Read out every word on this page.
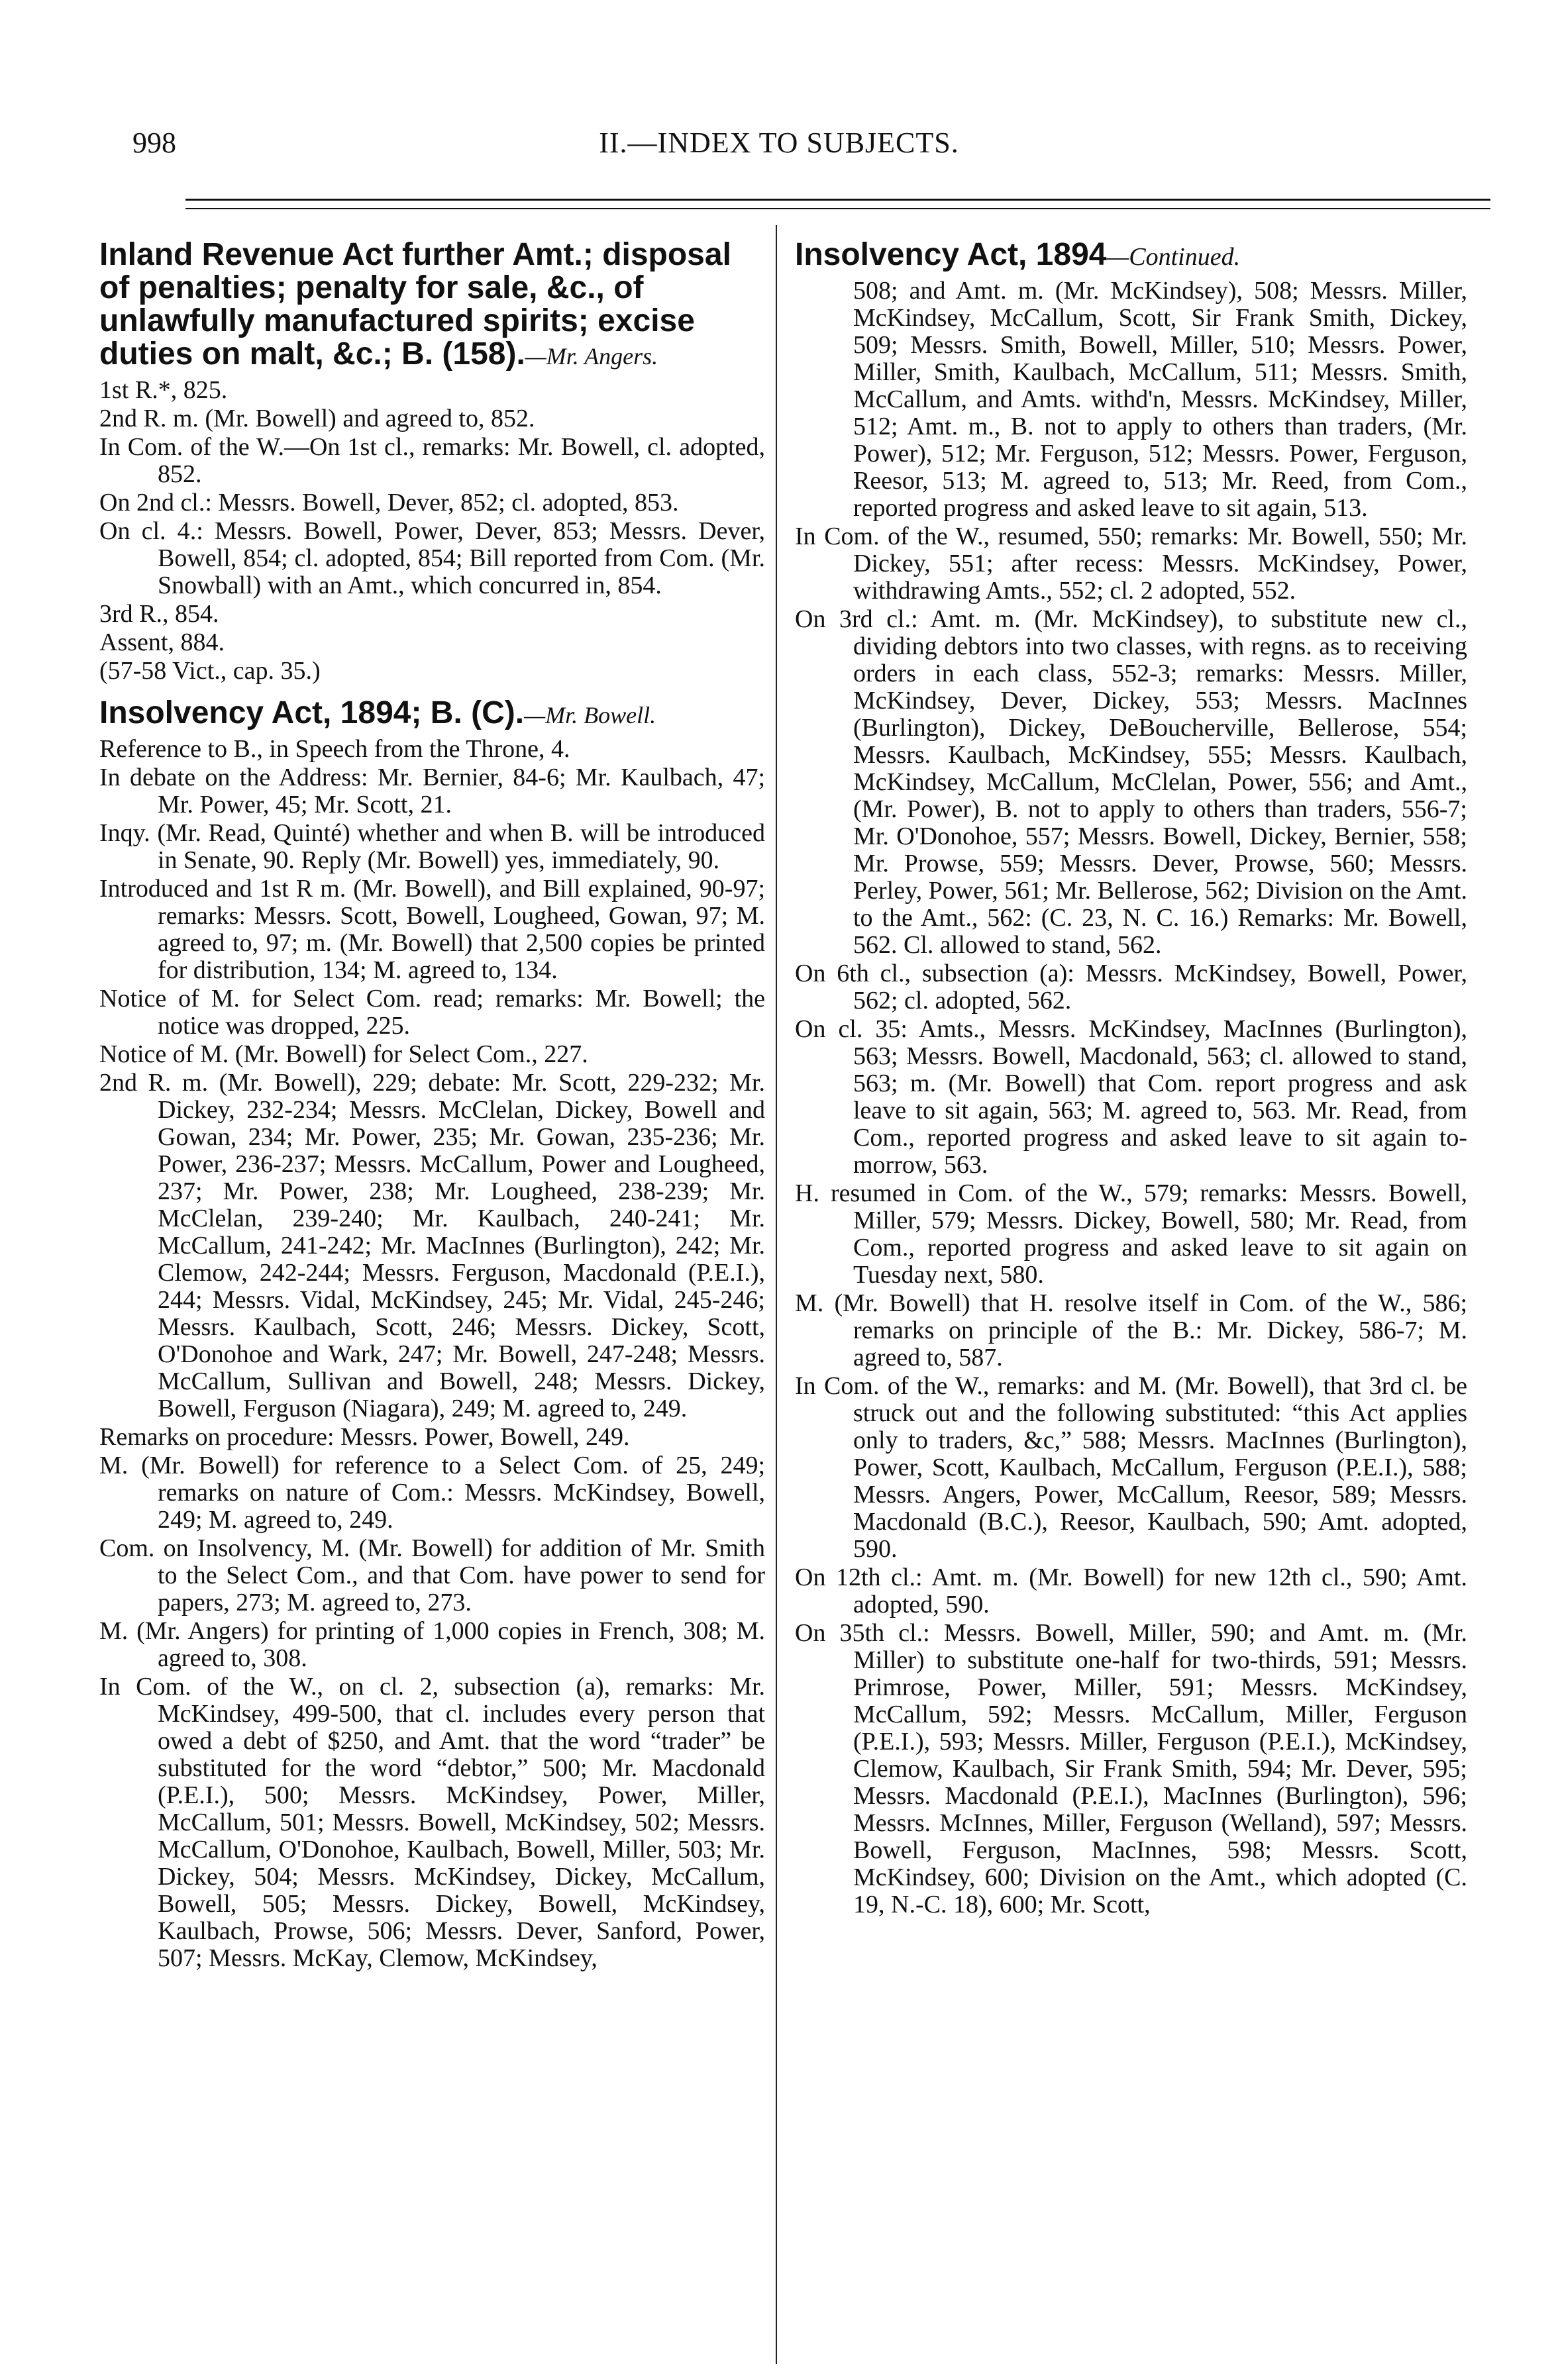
998	II.—INDEX TO SUBJECTS.
Inland Revenue Act further Amt.; disposal of penalties; penalty for sale, &c., of unlawfully manufactured spirits; excise duties on malt, &c.; B. (158).—Mr. Angers.

1st R.*, 825.

2nd R. m. (Mr. Bowell) and agreed to, 852.

In Com. of the W.—On 1st cl., remarks: Mr. Bowell, cl. adopted, 852.

On 2nd cl.: Messrs. Bowell, Dever, 852; cl. adopted, 853.

On cl. 4.: Messrs. Bowell, Power, Dever, 853; Messrs. Dever, Bowell, 854; cl. adopted, 854; Bill reported from Com. (Mr. Snowball) with an Amt., which concurred in, 854.

3rd R., 854.

Assent, 884.

(57-58 Vict., cap. 35.)

Insolvency Act, 1894; B. (C).—Mr. Bowell.

Reference to B., in Speech from the Throne, 4.

In debate on the Address: Mr. Bernier, 84-6; Mr. Kaulbach, 47; Mr. Power, 45; Mr. Scott, 21.

Inqy. (Mr. Read, Quinté) whether and when B. will be introduced in Senate, 90. Reply (Mr. Bowell) yes, immediately, 90.

Introduced and 1st R m. (Mr. Bowell), and Bill explained, 90-97; remarks: Messrs. Scott, Bowell, Lougheed, Gowan, 97; M. agreed to, 97; m. (Mr. Bowell) that 2,500 copies be printed for distribution, 134; M. agreed to, 134.

Notice of M. for Select Com. read; remarks: Mr. Bowell; the notice was dropped, 225.

Notice of M. (Mr. Bowell) for Select Com., 227.

2nd R. m. (Mr. Bowell), 229; debate: Mr. Scott, 229-232; Mr. Dickey, 232-234; Messrs. McClelan, Dickey, Bowell and Gowan, 234; Mr. Power, 235; Mr. Gowan, 235-236; Mr. Power, 236-237; Messrs. McCallum, Power and Lougheed, 237; Mr. Power, 238; Mr. Lougheed, 238-239; Mr. McClelan, 239-240; Mr. Kaulbach, 240-241; Mr. McCallum, 241-242; Mr. MacInnes (Burlington), 242; Mr. Clemow, 242-244; Messrs. Ferguson, Macdonald (P.E.I.), 244; Messrs. Vidal, McKindsey, 245; Mr. Vidal, 245-246; Messrs. Kaulbach, Scott, 246; Messrs. Dickey, Scott, O'Donohoe and Wark, 247; Mr. Bowell, 247-248; Messrs. McCallum, Sullivan and Bowell, 248; Messrs. Dickey, Bowell, Ferguson (Niagara), 249; M. agreed to, 249.

Remarks on procedure: Messrs. Power, Bowell, 249.

M. (Mr. Bowell) for reference to a Select Com. of 25, 249; remarks on nature of Com.: Messrs. McKindsey, Bowell, 249; M. agreed to, 249.

Com. on Insolvency, M. (Mr. Bowell) for addition of Mr. Smith to the Select Com., and that Com. have power to send for papers, 273; M. agreed to, 273.

M. (Mr. Angers) for printing of 1,000 copies in French, 308; M. agreed to, 308.

In Com. of the W., on cl. 2, subsection (a), remarks: Mr. McKindsey, 499-500, that cl. includes every person that owed a debt of $250, and Amt. that the word “trader” be substituted for the word “debtor,” 500; Mr. Macdonald (P.E.I.), 500; Messrs. McKindsey, Power, Miller, McCallum, 501; Messrs. Bowell, McKindsey, 502; Messrs. McCallum, O'Donohoe, Kaulbach, Bowell, Miller, 503; Mr. Dickey, 504; Messrs. McKindsey, Dickey, McCallum, Bowell, 505; Messrs. Dickey, Bowell, McKindsey, Kaulbach, Prowse, 506; Messrs. Dever, Sanford, Power, 507; Messrs. McKay, Clemow, McKindsey,

Insolvency Act, 1894—Continued.

508; and Amt. m. (Mr. McKindsey), 508; Messrs. Miller, McKindsey, McCallum, Scott, Sir Frank Smith, Dickey, 509; Messrs. Smith, Bowell, Miller, 510; Messrs. Power, Miller, Smith, Kaulbach, McCallum, 511; Messrs. Smith, McCallum, and Amts. withd'n, Messrs. McKindsey, Miller, 512; Amt. m., B. not to apply to others than traders, (Mr. Power), 512; Mr. Ferguson, 512; Messrs. Power, Ferguson, Reesor, 513; M. agreed to, 513; Mr. Reed, from Com., reported progress and asked leave to sit again, 513.

In Com. of the W., resumed, 550; remarks: Mr. Bowell, 550; Mr. Dickey, 551; after recess: Messrs. McKindsey, Power, withdrawing Amts., 552; cl. 2 adopted, 552.

On 3rd cl.: Amt. m. (Mr. McKindsey), to substitute new cl., dividing debtors into two classes, with regns. as to receiving orders in each class, 552-3; remarks: Messrs. Miller, McKindsey, Dever, Dickey, 553; Messrs. MacInnes (Burlington), Dickey, DeBoucherville, Bellerose, 554; Messrs. Kaulbach, McKindsey, 555; Messrs. Kaulbach, McKindsey, McCallum, McClelan, Power, 556; and Amt., (Mr. Power), B. not to apply to others than traders, 556-7; Mr. O'Donohoe, 557; Messrs. Bowell, Dickey, Bernier, 558; Mr. Prowse, 559; Messrs. Dever, Prowse, 560; Messrs. Perley, Power, 561; Mr. Bellerose, 562; Division on the Amt. to the Amt., 562: (C. 23, N. C. 16.) Remarks: Mr. Bowell, 562. Cl. allowed to stand, 562.

On 6th cl., subsection (a): Messrs. McKindsey, Bowell, Power, 562; cl. adopted, 562.

On cl. 35: Amts., Messrs. McKindsey, MacInnes (Burlington), 563; Messrs. Bowell, Macdonald, 563; cl. allowed to stand, 563; m. (Mr. Bowell) that Com. report progress and ask leave to sit again, 563; M. agreed to, 563. Mr. Read, from Com., reported progress and asked leave to sit again to-morrow, 563.

H. resumed in Com. of the W., 579; remarks: Messrs. Bowell, Miller, 579; Messrs. Dickey, Bowell, 580; Mr. Read, from Com., reported progress and asked leave to sit again on Tuesday next, 580.

M. (Mr. Bowell) that H. resolve itself in Com. of the W., 586; remarks on principle of the B.: Mr. Dickey, 586-7; M. agreed to, 587.

In Com. of the W., remarks: and M. (Mr. Bowell), that 3rd cl. be struck out and the following substituted: “this Act applies only to traders, &c,” 588; Messrs. MacInnes (Burlington), Power, Scott, Kaulbach, McCallum, Ferguson (P.E.I.), 588; Messrs. Angers, Power, McCallum, Reesor, 589; Messrs. Macdonald (B.C.), Reesor, Kaulbach, 590; Amt. adopted, 590.

On 12th cl.: Amt. m. (Mr. Bowell) for new 12th cl., 590; Amt. adopted, 590.

On 35th cl.: Messrs. Bowell, Miller, 590; and Amt. m. (Mr. Miller) to substitute one-half for two-thirds, 591; Messrs. Primrose, Power, Miller, 591; Messrs. McKindsey, McCallum, 592; Messrs. McCallum, Miller, Ferguson (P.E.I.), 593; Messrs. Miller, Ferguson (P.E.I.), McKindsey, Clemow, Kaulbach, Sir Frank Smith, 594; Mr. Dever, 595; Messrs. Macdonald (P.E.I.), MacInnes (Burlington), 596; Messrs. McInnes, Miller, Ferguson (Welland), 597; Messrs. Bowell, Ferguson, MacInnes, 598; Messrs. Scott, McKindsey, 600; Division on the Amt., which adopted (C. 19, N.-C. 18), 600; Mr. Scott,
